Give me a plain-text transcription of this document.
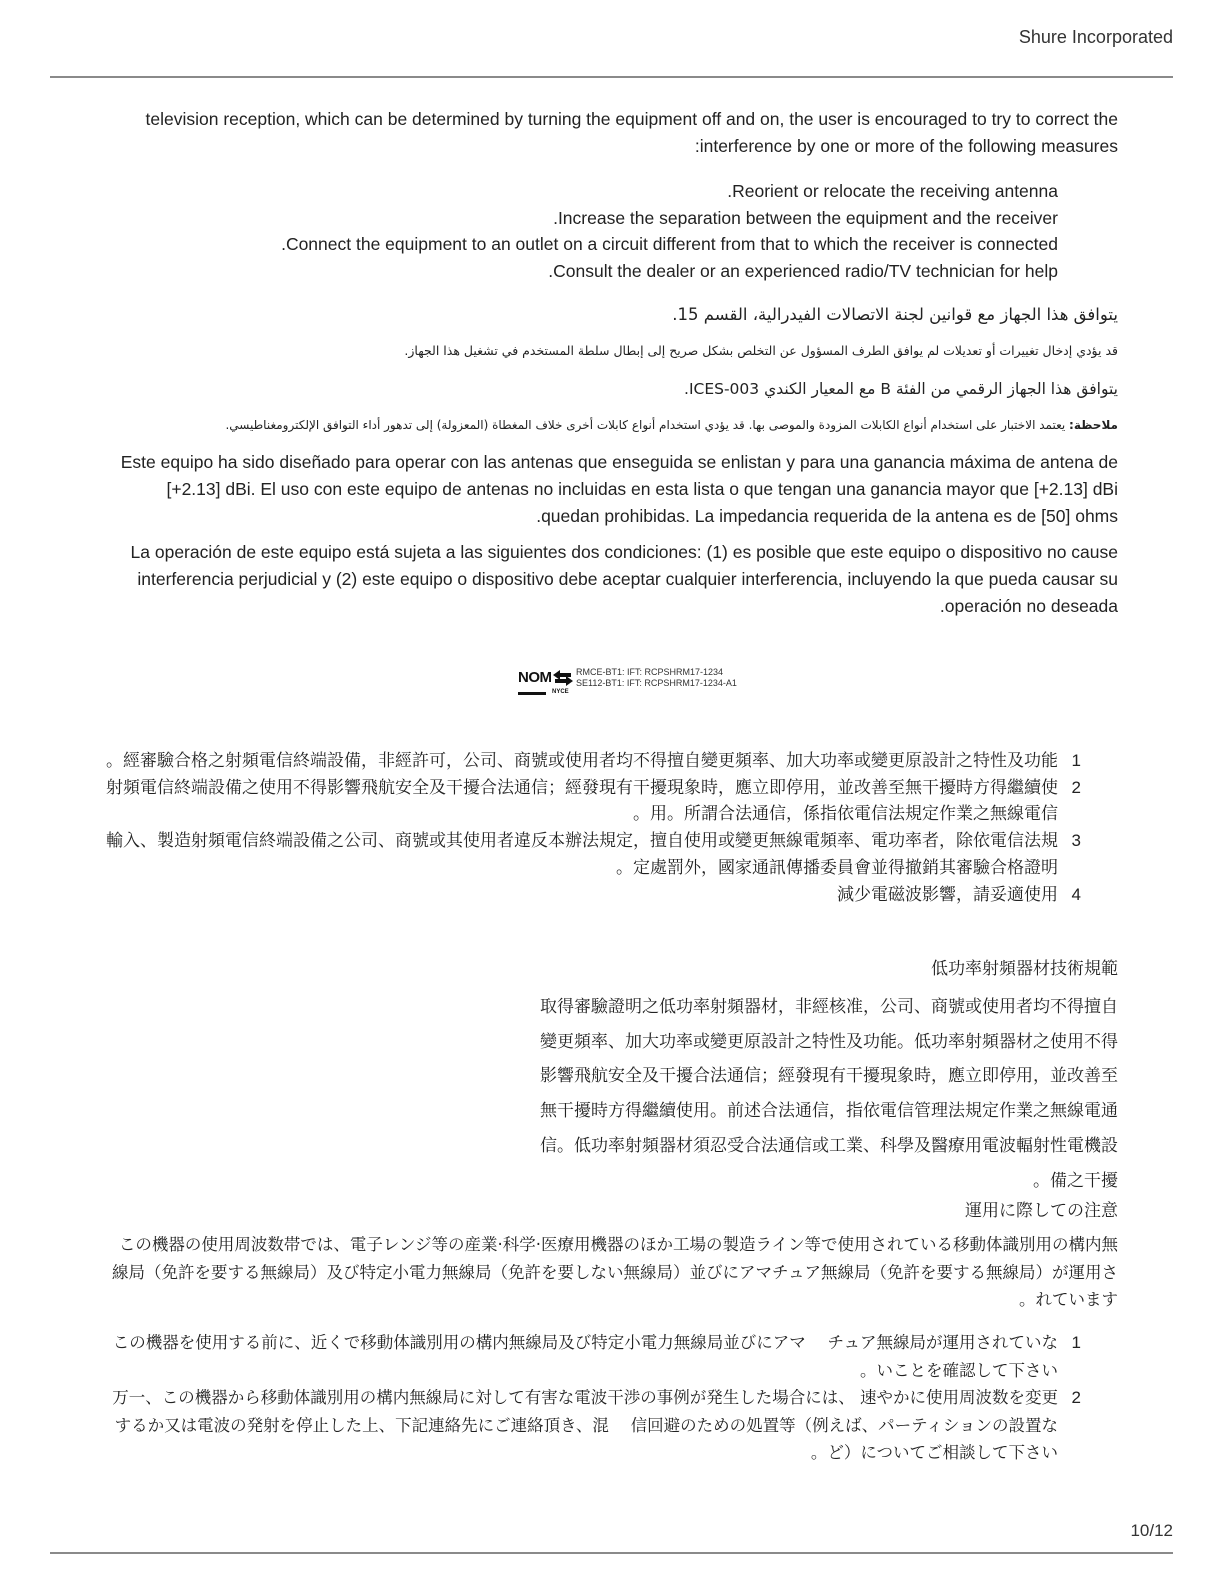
Shure Incorporated

television reception, which can be determined by turning the equipment off and on, the user is encouraged to try to correct the interference by one or more of the following measures:

Reorient or relocate the receiving antenna.
Increase the separation between the equipment and the receiver.
Connect the equipment to an outlet on a circuit different from that to which the receiver is connected.
Consult the dealer or an experienced radio/TV technician for help.

يتوافق هذا الجهاز مع قوانين لجنة الاتصالات الفيدرالية، القسم 15.

قد يؤدي إدخال تغييرات أو تعديلات لم يوافق الطرف المسؤول عن التخلص بشكل صريح إلى إبطال سلطة المستخدم في تشغيل هذا الجهاز.

يتوافق هذا الجهاز الرقمي من الفئة B مع المعيار الكندي ICES-003.

ملاحظة: يعتمد الاختبار على استخدام أنواع الكابلات المزودة والموصى بها. قد يؤدي استخدام أنواع كابلات أخرى خلاف المغطاة (المعزولة) إلى تدهور أداء التوافق الإلكترومغناطيسي.

Este equipo ha sido diseñado para operar con las antenas que enseguida se enlistan y para una ganancia máxima de antena de [+2.13] dBi. El uso con este equipo de antenas no incluidas en esta lista o que tengan una ganancia mayor que [+2.13] dBi quedan prohibidas. La impedancia requerida de la antena es de [50] ohms.

La operación de este equipo está sujeta a las siguientes dos condiciones: (1) es posible que este equipo o dispositivo no cause interferencia perjudicial y (2) este equipo o dispositivo debe aceptar cualquier interferencia, incluyendo la que pueda causar su operación no deseada.

NOM
NYCE
RMCE-BT1: IFT: RCPSHRM17-1234
SE112-BT1: IFT: RCPSHRM17-1234-A1
1
經審驗合格之射頻電信終端設備，非經許可，公司、商號或使用者均不得擅自變更頻率、加大功率或變更原設計之特性及功能。
2
射頻電信終端設備之使用不得影響飛航安全及干擾合法通信；經發現有干擾現象時，應立即停用，並改善至無干擾時方得繼續使用。所謂合法通信，係指依電信法規定作業之無線電信。
3
輸入、製造射頻電信終端設備之公司、商號或其使用者違反本辦法規定，擅自使用或變更無線電頻率、電功率者，除依電信法規定處罰外，國家通訊傳播委員會並得撤銷其審驗合格證明。
4
減少電磁波影響，請妥適使用
低功率射頻器材技術規範

取得審驗證明之低功率射頻器材，非經核准，公司、商號或使用者均不得擅自變更頻率、加大功率或變更原設計之特性及功能。低功率射頻器材之使用不得影響飛航安全及干擾合法通信；經發現有干擾現象時，應立即停用，並改善至無干擾時方得繼續使用。前述合法通信，指依電信管理法規定作業之無線電通信。低功率射頻器材須忍受合法通信或工業、科學及醫療用電波輻射性電機設備之干擾。

運用に際しての注意

この機器の使用周波数帯では、電子レンジ等の産業·科学·医療用機器のほか工場の製造ライン等で使用されている移動体識別用の構内無線局（免許を要する無線局）及び特定小電力無線局（免許を要しない無線局）並びにアマチュア無線局（免許を要する無線局）が運用されています。

1
この機器を使用する前に、近くで移動体識別用の構内無線局及び特定小電力無線局並びにアマ　 チュア無線局が運用されていないことを確認して下さい。
2
万一、この機器から移動体識別用の構内無線局に対して有害な電波干渉の事例が発生した場合には、 速やかに使用周波数を変更するか又は電波の発射を停止した上、下記連絡先にご連絡頂き、混　 信回避のための処置等（例えば、パーティションの設置など）についてご相談して下さい。
10/12
